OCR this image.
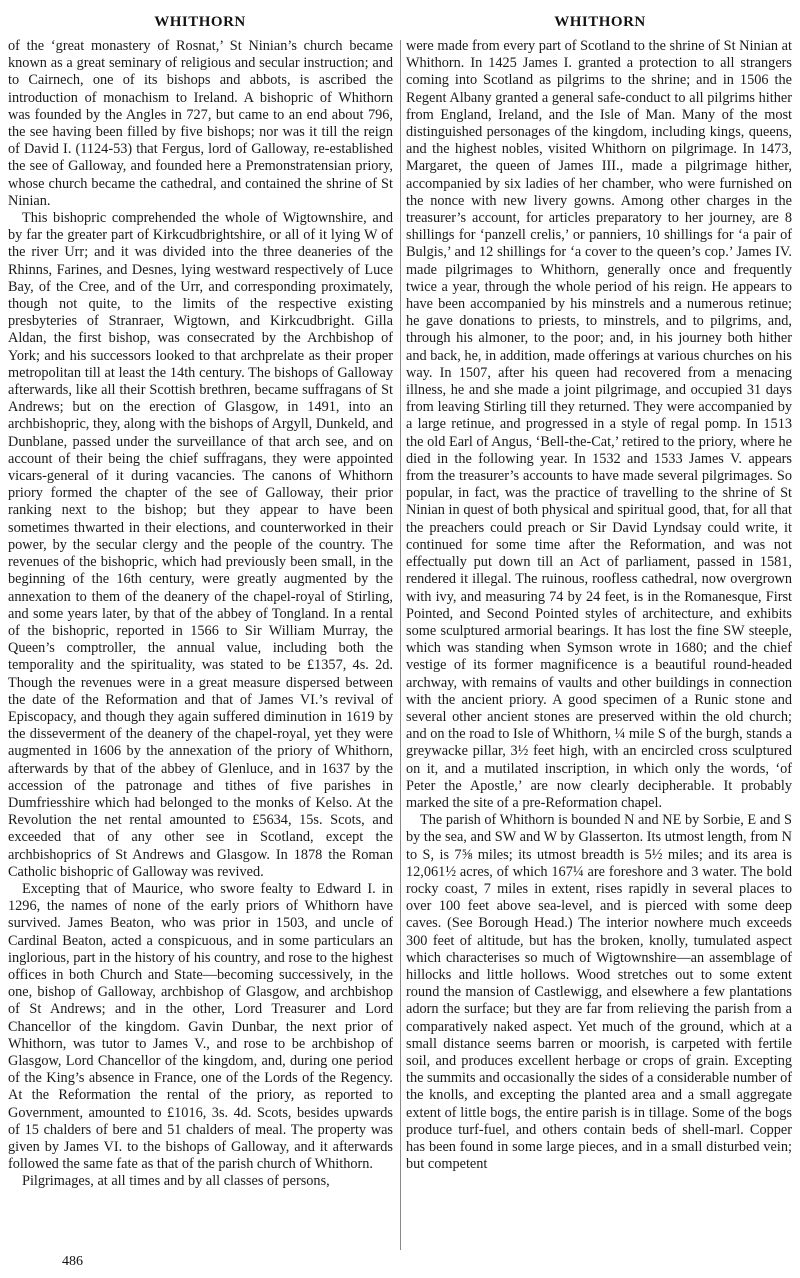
WHITHORN	WHITHORN

of the ‘great monastery of Rosnat,’ St Ninian’s church became known as a great seminary of religious and secular instruction; and to Cairnech, one of its bishops and abbots, is ascribed the introduction of monachism to Ireland. A bishopric of Whithorn was founded by the Angles in 727, but came to an end about 796, the see having been filled by five bishops; nor was it till the reign of David I. (1124-53) that Fergus, lord of Galloway, re-established the see of Galloway, and founded here a Premonstratensian priory, whose church became the cathedral, and contained the shrine of St Ninian.

This bishopric comprehended the whole of Wigtownshire, and by far the greater part of Kirkcudbrightshire, or all of it lying W of the river Urr; and it was divided into the three deaneries of the Rhinns, Farines, and Desnes, lying westward respectively of Luce Bay, of the Cree, and of the Urr, and corresponding proximately, though not quite, to the limits of the respective existing presbyteries of Stranraer, Wigtown, and Kirkcudbright. Gilla Aldan, the first bishop, was consecrated by the Archbishop of York; and his successors looked to that archprelate as their proper metropolitan till at least the 14th century. The bishops of Galloway afterwards, like all their Scottish brethren, became suffragans of St Andrews; but on the erection of Glasgow, in 1491, into an archbishopric, they, along with the bishops of Argyll, Dunkeld, and Dunblane, passed under the surveillance of that arch see, and on account of their being the chief suffragans, they were appointed vicars-general of it during vacancies. The canons of Whithorn priory formed the chapter of the see of Galloway, their prior ranking next to the bishop; but they appear to have been sometimes thwarted in their elections, and counterworked in their power, by the secular clergy and the people of the country. The revenues of the bishopric, which had previously been small, in the beginning of the 16th century, were greatly augmented by the annexation to them of the deanery of the chapel-royal of Stirling, and some years later, by that of the abbey of Tongland. In a rental of the bishopric, reported in 1566 to Sir William Murray, the Queen’s comptroller, the annual value, including both the temporality and the spirituality, was stated to be £1357, 4s. 2d. Though the revenues were in a great measure dispersed between the date of the Reformation and that of James VI.’s revival of Episcopacy, and though they again suffered diminution in 1619 by the disseverment of the deanery of the chapel-royal, yet they were augmented in 1606 by the annexation of the priory of Whithorn, afterwards by that of the abbey of Glenluce, and in 1637 by the accession of the patronage and tithes of five parishes in Dumfriesshire which had belonged to the monks of Kelso. At the Revolution the net rental amounted to £5634, 15s. Scots, and exceeded that of any other see in Scotland, except the archbishoprics of St Andrews and Glasgow. In 1878 the Roman Catholic bishopric of Galloway was revived.

Excepting that of Maurice, who swore fealty to Edward I. in 1296, the names of none of the early priors of Whithorn have survived. James Beaton, who was prior in 1503, and uncle of Cardinal Beaton, acted a conspicuous, and in some particulars an inglorious, part in the history of his country, and rose to the highest offices in both Church and State—becoming successively, in the one, bishop of Galloway, archbishop of Glasgow, and archbishop of St Andrews; and in the other, Lord Treasurer and Lord Chancellor of the kingdom. Gavin Dunbar, the next prior of Whithorn, was tutor to James V., and rose to be archbishop of Glasgow, Lord Chancellor of the kingdom, and, during one period of the King’s absence in France, one of the Lords of the Regency. At the Reformation the rental of the priory, as reported to Government, amounted to £1016, 3s. 4d. Scots, besides upwards of 15 chalders of bere and 51 chalders of meal. The property was given by James VI. to the bishops of Galloway, and it afterwards followed the same fate as that of the parish church of Whithorn.

Pilgrimages, at all times and by all classes of persons,

were made from every part of Scotland to the shrine of St Ninian at Whithorn. In 1425 James I. granted a protection to all strangers coming into Scotland as pilgrims to the shrine; and in 1506 the Regent Albany granted a general safe-conduct to all pilgrims hither from England, Ireland, and the Isle of Man. Many of the most distinguished personages of the kingdom, including kings, queens, and the highest nobles, visited Whithorn on pilgrimage. In 1473, Margaret, the queen of James III., made a pilgrimage hither, accompanied by six ladies of her chamber, who were furnished on the nonce with new livery gowns. Among other charges in the treasurer’s account, for articles preparatory to her journey, are 8 shillings for ‘panzell crelis,’ or panniers, 10 shillings for ‘a pair of Bulgis,’ and 12 shillings for ‘a cover to the queen’s cop.’ James IV. made pilgrimages to Whithorn, generally once and frequently twice a year, through the whole period of his reign. He appears to have been accompanied by his minstrels and a numerous retinue; he gave donations to priests, to minstrels, and to pilgrims, and, through his almoner, to the poor; and, in his journey both hither and back, he, in addition, made offerings at various churches on his way. In 1507, after his queen had recovered from a menacing illness, he and she made a joint pilgrimage, and occupied 31 days from leaving Stirling till they returned. They were accompanied by a large retinue, and progressed in a style of regal pomp. In 1513 the old Earl of Angus, ‘Bell-the-Cat,’ retired to the priory, where he died in the following year. In 1532 and 1533 James V. appears from the treasurer’s accounts to have made several pilgrimages. So popular, in fact, was the practice of travelling to the shrine of St Ninian in quest of both physical and spiritual good, that, for all that the preachers could preach or Sir David Lyndsay could write, it continued for some time after the Reformation, and was not effectually put down till an Act of parliament, passed in 1581, rendered it illegal. The ruinous, roofless cathedral, now overgrown with ivy, and measuring 74 by 24 feet, is in the Romanesque, First Pointed, and Second Pointed styles of architecture, and exhibits some sculptured armorial bearings. It has lost the fine SW steeple, which was standing when Symson wrote in 1680; and the chief vestige of its former magnificence is a beautiful round-headed archway, with remains of vaults and other buildings in connection with the ancient priory. A good specimen of a Runic stone and several other ancient stones are preserved within the old church; and on the road to Isle of Whithorn, ¼ mile S of the burgh, stands a greywacke pillar, 3½ feet high, with an encircled cross sculptured on it, and a mutilated inscription, in which only the words, ‘of Peter the Apostle,’ are now clearly decipherable. It probably marked the site of a pre-Reformation chapel.

The parish of Whithorn is bounded N and NE by Sorbie, E and S by the sea, and SW and W by Glasserton. Its utmost length, from N to S, is 7⅝ miles; its utmost breadth is 5½ miles; and its area is 12,061½ acres, of which 167¼ are foreshore and 3 water. The bold rocky coast, 7 miles in extent, rises rapidly in several places to over 100 feet above sea-level, and is pierced with some deep caves. (See Borough Head.) The interior nowhere much exceeds 300 feet of altitude, but has the broken, knolly, tumulated aspect which characterises so much of Wigtownshire—an assemblage of hillocks and little hollows. Wood stretches out to some extent round the mansion of Castlewigg, and elsewhere a few plantations adorn the surface; but they are far from relieving the parish from a comparatively naked aspect. Yet much of the ground, which at a small distance seems barren or moorish, is carpeted with fertile soil, and produces excellent herbage or crops of grain. Excepting the summits and occasionally the sides of a considerable number of the knolls, and excepting the planted area and a small aggregate extent of little bogs, the entire parish is in tillage. Some of the bogs produce turf-fuel, and others contain beds of shell-marl. Copper has been found in some large pieces, and in a small disturbed vein; but competent

486
